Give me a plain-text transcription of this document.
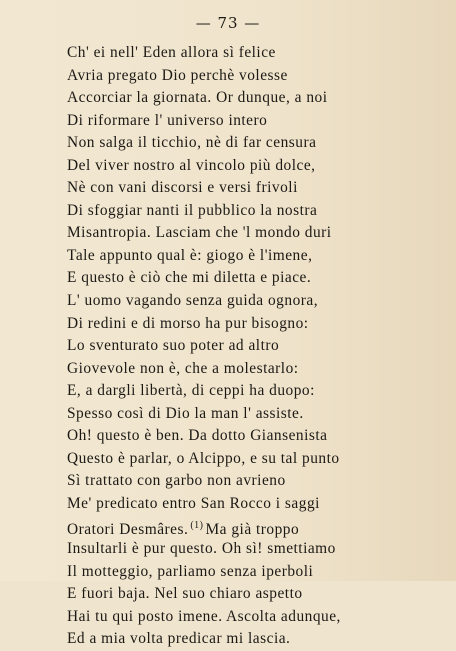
— 73 —
Ch' ei nell' Eden allora sì felice
Avria pregato Dio perchè volesse
Accorciar la giornata. Or dunque, a noi
Di riformare l' universo intero
Non salga il ticchio, nè di far censura
Del viver nostro al vincolo più dolce,
Nè con vani discorsi e versi frivoli
Di sfoggiar nanti il pubblico la nostra
Misantropia. Lasciam che 'l mondo duri
Tale appunto qual è: giogo è l'imene,
E questo è ciò che mi diletta e piace.
L' uomo vagando senza guida ognora,
Di redini e di morso ha pur bisogno:
Lo sventurato suo poter ad altro
Giovevole non è, che a molestarlo:
E, a dargli libertà, di ceppi ha duopo:
Spesso così di Dio la man l' assiste.
Oh! questo è ben. Da dotto Giansenista
Questo è parlar, o Alcippo, e su tal punto
Sì trattato con garbo non avrieno
Me' predicato entro San Rocco i saggi
Oratori Desmâres. $^{(1)}$ Ma già troppo
Insultarli è pur questo. Oh sì! smettiamo
Il motteggio, parliamo senza iperboli
E fuori baja. Nel suo chiaro aspetto
Hai tu qui posto imene. Ascolta adunque,
Ed a mia volta predicar mi lascia.
